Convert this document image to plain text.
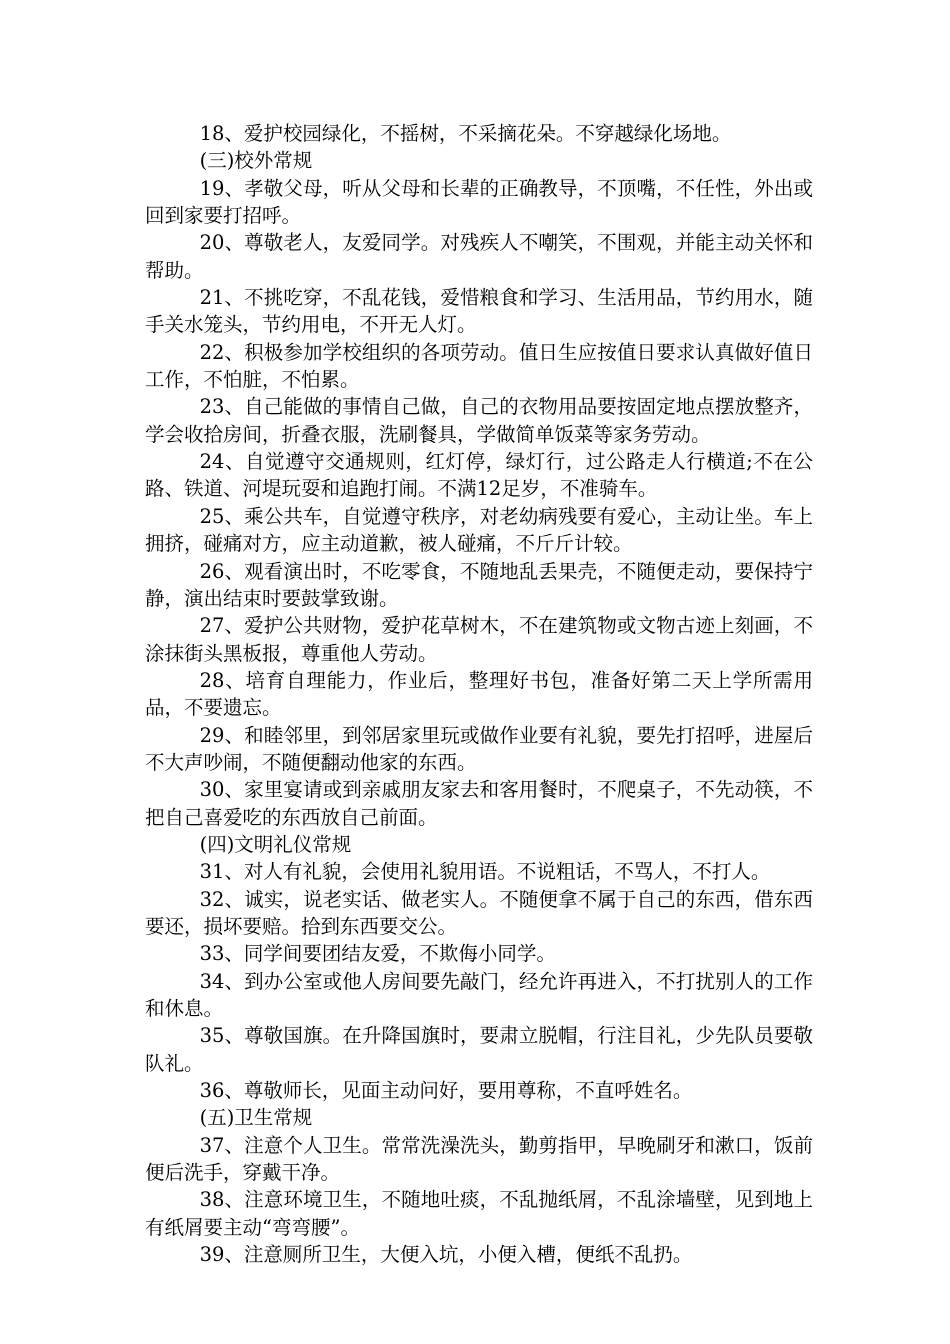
18、爱护校园绿化，不摇树，不采摘花朵。不穿越绿化场地。

(三)校外常规

19、孝敬父母，听从父母和长辈的正确教导，不顶嘴，不任性，外出或回到家要打招呼。

20、尊敬老人，友爱同学。对残疾人不嘲笑，不围观，并能主动关怀和帮助。

21、不挑吃穿，不乱花钱，爱惜粮食和学习、生活用品，节约用水，随手关水笼头，节约用电，不开无人灯。

22、积极参加学校组织的各项劳动。值日生应按值日要求认真做好值日工作，不怕脏，不怕累。

23、自己能做的事情自己做，自己的衣物用品要按固定地点摆放整齐，学会收拾房间，折叠衣服，洗刷餐具，学做简单饭菜等家务劳动。

24、自觉遵守交通规则，红灯停，绿灯行，过公路走人行横道;不在公路、铁道、河堤玩耍和追跑打闹。不满12足岁，不准骑车。

25、乘公共车，自觉遵守秩序，对老幼病残要有爱心，主动让坐。车上拥挤，碰痛对方，应主动道歉，被人碰痛，不斤斤计较。

26、观看演出时，不吃零食，不随地乱丢果壳，不随便走动，要保持宁静，演出结束时要鼓掌致谢。

27、爱护公共财物，爱护花草树木，不在建筑物或文物古迹上刻画，不涂抹街头黑板报，尊重他人劳动。

28、培育自理能力，作业后，整理好书包，准备好第二天上学所需用品，不要遗忘。

29、和睦邻里，到邻居家里玩或做作业要有礼貌，要先打招呼，进屋后不大声吵闹，不随便翻动他家的东西。

30、家里宴请或到亲戚朋友家去和客用餐时，不爬桌子，不先动筷，不把自己喜爱吃的东西放自己前面。

(四)文明礼仪常规

31、对人有礼貌，会使用礼貌用语。不说粗话，不骂人，不打人。

32、诚实，说老实话、做老实人。不随便拿不属于自己的东西，借东西要还，损坏要赔。拾到东西要交公。

33、同学间要团结友爱，不欺侮小同学。

34、到办公室或他人房间要先敲门，经允许再进入，不打扰别人的工作和休息。

35、尊敬国旗。在升降国旗时，要肃立脱帽，行注目礼，少先队员要敬队礼。

36、尊敬师长，见面主动问好，要用尊称，不直呼姓名。

(五)卫生常规

37、注意个人卫生。常常洗澡洗头，勤剪指甲，早晚刷牙和漱口，饭前便后洗手，穿戴干净。

38、注意环境卫生，不随地吐痰，不乱抛纸屑，不乱涂墙壁，见到地上有纸屑要主动“弯弯腰”。

39、注意厕所卫生，大便入坑，小便入槽，便纸不乱扔。
